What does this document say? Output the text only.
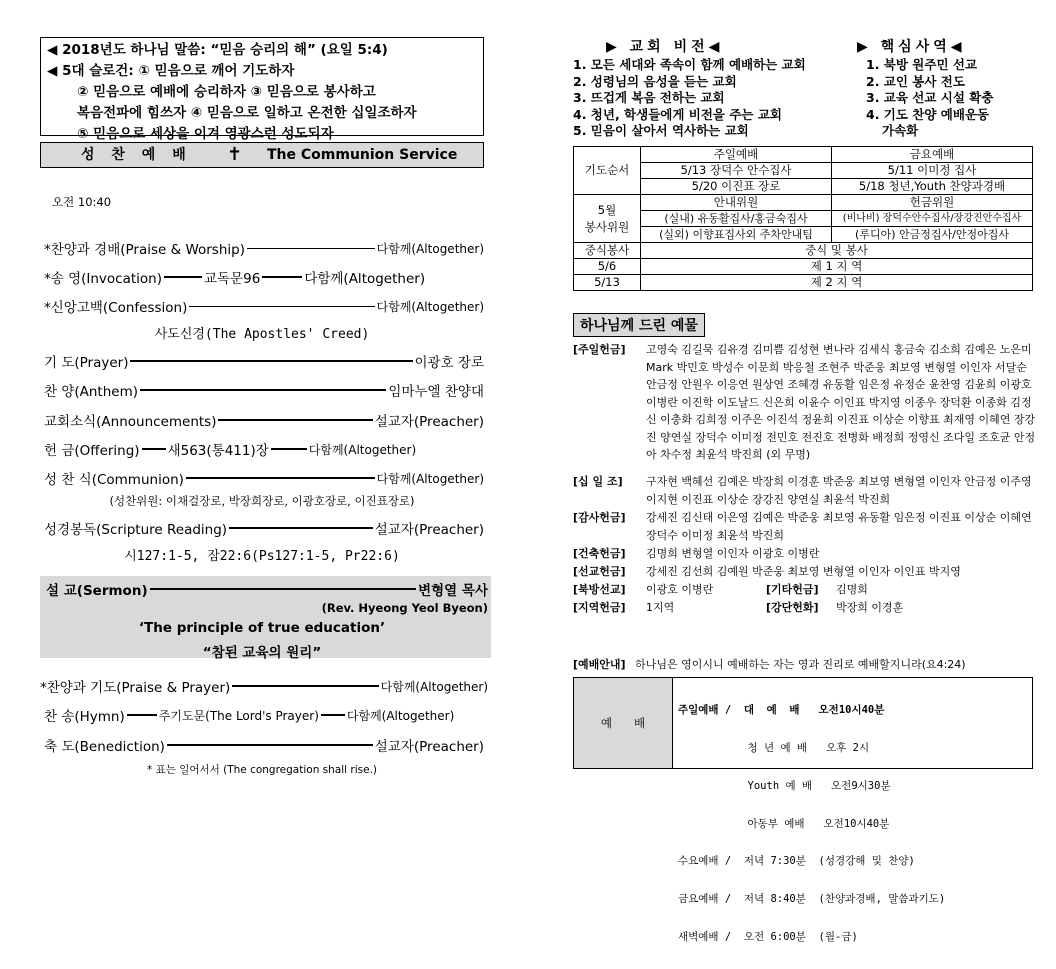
◀ 2018년도 하나님 말씀: “믿음 승리의 해” (요일 5:4)
◀ 5대 슬로건: ① 믿음으로 깨어 기도하자
② 믿음으로 예배에 승리하자 ③ 믿음으로 봉사하고
복음전파에 힘쓰자 ④ 믿음으로 일하고 온전한 십일조하자
⑤ 믿음으로 세상을 이겨 영광스런 성도되자
성 찬 예 배 ✝ The Communion Service
오전 10:40
*찬양과 경배(Praise & Worship)	다함께(Altogether)
*송 영(Invocation)	교독문96	다함께(Altogether)
*신앙고백(Confession)	다함께(Altogether)
사도신경(The Apostles' Creed)
기 도(Prayer)	이광호 장로
찬 양(Anthem)	임마누엘 찬양대
교회소식(Announcements)	설교자(Preacher)
헌 금(Offering) 새563(통411)장	다함께(Altogether)
성 찬 식(Communion)	다함께(Altogether)
(성찬위원: 이채걸장로, 박장희장로, 이광호장로, 이진표장로)
성경봉독(Scripture Reading)	설교자(Preacher)
시127:1-5, 잠22:6(Ps127:1-5, Pr22:6)
설 교(Sermon)	변형열 목사
(Rev. Hyeong Yeol Byeon)
‘The principle of true education’
“참된 교육의 원리”
*찬양과 기도(Praise & Prayer)	다함께(Altogether)
찬 송(Hymn)	주기도문(The Lord's Prayer) 다함께(Altogether)
축 도(Benediction)	설교자(Preacher)
* 표는 일어서서 (The congregation shall rise.)
▶ 교회 비전◀
1. 모든 세대와 족속이 함께 예배하는 교회
2. 성령님의 음성을 듣는 교회
3. 뜨겁게 복음 전하는 교회
4. 청년, 학생들에게 비전을 주는 교회
5. 믿음이 살아서 역사하는 교회
▶ 핵심사역◀
1. 북방 원주민 선교
2. 교인 봉사 전도
3. 교육 선교 시설 확충
4. 기도 찬양 예배운동
가속화
기도순서	주일예배	금요예배
	5/13 장덕수 안수집사	5/11 이미정 집사
	5/20 이진표 장로	5/18 청년,Youth 찬양과경배

5월
봉사위원	안내위원	헌금위원
	(실내) 유동활집사/홍금숙집사	(비나비) 장덕수안수집사/장강진안수집사
	(실외) 이향표집사외 주차안내팀	(루디아) 안금정집사/안정아집사
중식봉사	중식 및 봉사	
5/6	제 1 지 역	
5/13	제 2 지 역	
하나님께 드린 예물
[주일헌금] 고영숙 김길묵 김유경 김미쁨 김성현 변나라 김세식 홍금숙 김소희 김예은 노은미 Mark 박민호 박성수 이문희 박응철 조현주 박준웅 최보영 변형열 이인자 서달순 안금정 안원우 이응연 원상연 조혜경 유동활 임은정 유정순 윤찬영 김윤희 이광호 이병란 이진학 이도날드 신은희 이윤수 이인표 박지영 이종우 장덕환 이종화 김정신 이충화 김희정 이주은 이진석 정윤희 이진표 이상순 이향표 최재영 이혜연 장강진 양연실 장덕수 이미정 전민호 전진호 전병화 배정희 정영신 조다일 조호균 안정아 차수정 최윤석 박진희 (외 무명)
[십 일 조] 구자현 백혜선 김예은 박장희 이경훈 박준웅 최보영 변형열 이인자 안금정 이주영 이지현 이진표 이상순 장강진 양연실 최윤석 박진희
[감사헌금] 강세진 김신태 이은영 김예은 박준웅 최보영 유동활 임은정 이진표 이상순 이혜연 장덕수 이미정 최윤석 박진희
[건축헌금] 김명희 변형열 이인자 이광호 이병란
[선교헌금] 강세진 김선희 김예원 박준웅 최보영 변형열 이인자 이인표 박지영
[북방선교] 이광호 이병란	[기타헌금] 김명희
[지역헌금] 1지역	[강단헌화] 박장희 이경훈
[예배안내] 하나님은 영이시니 예배하는 자는 영과 진리로 예배할지니라(요4:24)
예      배

주일예배 /  대  예  배   오전10시40분

청 년 예 배   오후 2시

Youth 예 배   오전9시30분

아동부 예배   오전10시40분

수요예배 /  저녁 7:30분  (성경강해 및 찬양)

금요예배 /  저녁 8:40분  (찬양과경배, 말씀과기도)

새벽예배 /  오전 6:00분  (월-금)
